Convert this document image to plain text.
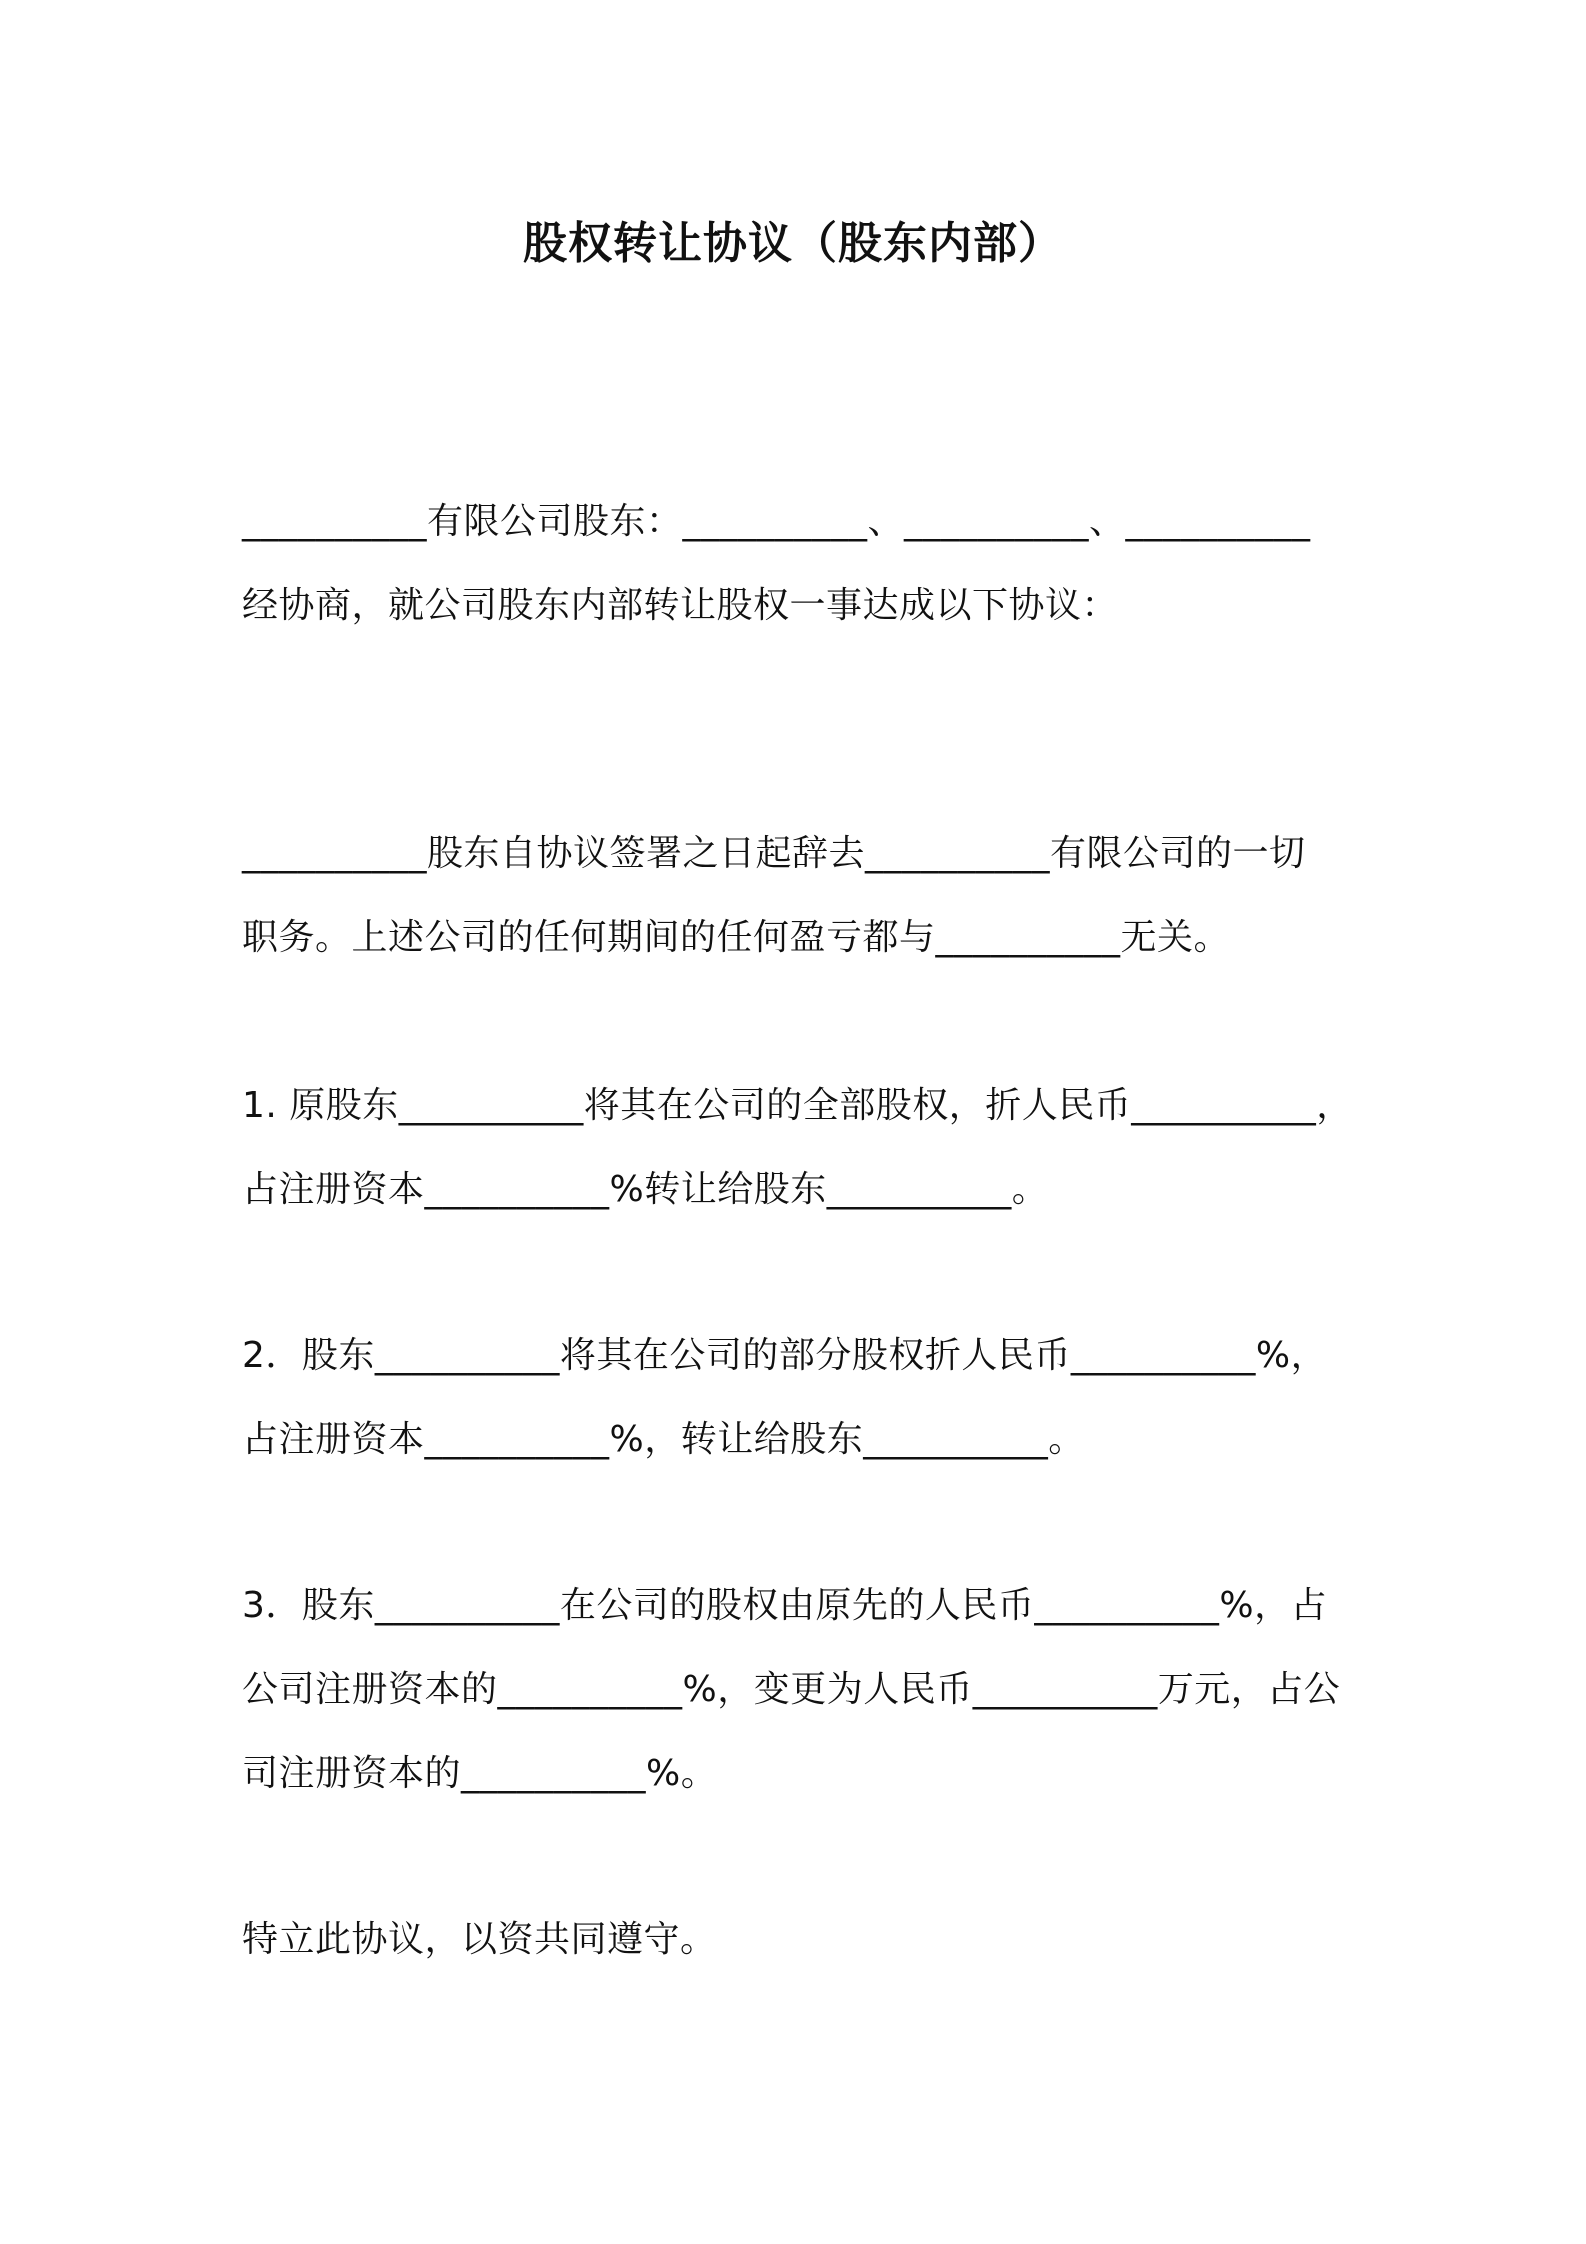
股权转让协议（股东内部）
__________有限公司股东：__________、__________、__________
经协商，就公司股东内部转让股权一事达成以下协议：
__________股东自协议签署之日起辞去__________有限公司的一切
职务。上述公司的任何期间的任何盈亏都与__________无关。
1. 原股东__________将其在公司的全部股权，折人民币__________，
占注册资本__________%转让给股东__________。
2．股东__________将其在公司的部分股权折人民币__________%，
占注册资本__________%，转让给股东__________。
3．股东__________在公司的股权由原先的人民币__________%，占
公司注册资本的__________%，变更为人民币__________万元，占公
司注册资本的__________%。
特立此协议，以资共同遵守。
